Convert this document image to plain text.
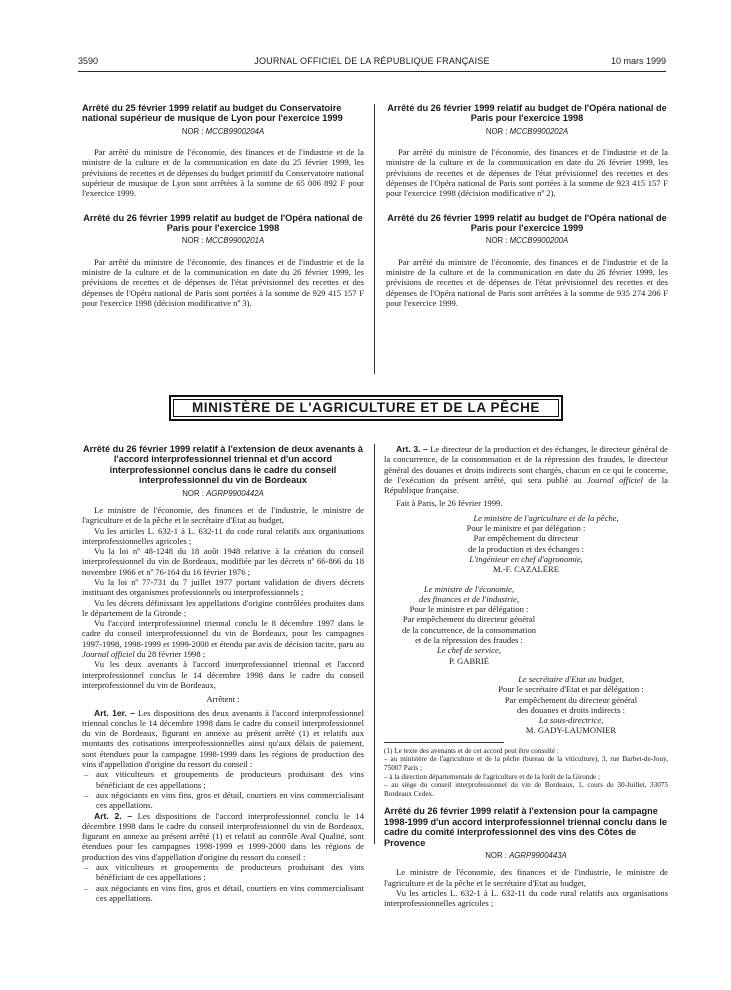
3590	JOURNAL OFFICIEL DE LA RÉPUBLIQUE FRANÇAISE	10 mars 1999
Arrêté du 25 février 1999 relatif au budget du Conservatoire national supérieur de musique de Lyon pour l'exercice 1999
NOR : MCCB9900204A

Par arrêté du ministre de l'économie, des finances et de l'industrie et de la ministre de la culture et de la communication en date du 25 février 1999, les prévisions de recettes et de dépenses du budget primitif du Conservatoire national supérieur de musique de Lyon sont arrêtées à la somme de 65 006 892 F pour l'exercice 1999.

Arrêté du 26 février 1999 relatif au budget de l'Opéra national de Paris pour l'exercice 1998
NOR : MCCB9900201A

Par arrêté du ministre de l'économie, des finances et de l'industrie et de la ministre de la culture et de la communication en date du 26 février 1999, les prévisions de recettes et de dépenses de l'état prévisionnel des recettes et des dépenses de l'Opéra national de Paris sont portées à la somme de 929 415 157 F pour l'exercice 1998 (décision modificative nº 3).

Arrêté du 26 février 1999 relatif au budget de l'Opéra national de Paris pour l'exercice 1998
NOR : MCCB9900202A

Par arrêté du ministre de l'économie, des finances et de l'industrie et de la ministre de la culture et de la communication en date du 26 février 1999, les prévisions de recettes et de dépenses de l'état prévisionnel des recettes et des dépenses de l'Opéra national de Paris sont portées à la somme de 923 415 157 F pour l'exercice 1998 (décision modificative nº 2).

Arrêté du 26 février 1999 relatif au budget de l'Opéra national de Paris pour l'exercice 1999
NOR : MCCB9900200A

Par arrêté du ministre de l'économie, des finances et de l'industrie et de la ministre de la culture et de la communication en date du 26 février 1999, les prévisions de recettes et de dépenses de l'état prévisionnel des recettes et des dépenses de l'Opéra national de Paris sont arrêtées à la somme de 935 274 206 F pour l'exercice 1999.

MINISTÈRE DE L'AGRICULTURE ET DE LA PÊCHE
Arrêté du 26 février 1999 relatif à l'extension de deux avenants à l'accord interprofessionnel triennal et d'un accord interprofessionnel conclus dans le cadre du conseil interprofessionnel du vin de Bordeaux
NOR : AGRP9900442A

Le ministre de l'économie, des finances et de l'industrie, le ministre de l'agriculture et de la pêche et le secrétaire d'Etat au budget,

Vu les articles L. 632-1 à L. 632-11 du code rural relatifs aux organisations interprofessionnelles agricoles ;

Vu la loi nº 48-1248 du 18 août 1948 relative à la création du conseil interprofessionnel du vin de Bordeaux, modifiée par les décrets nº 66-866 du 18 novembre 1966 et nº 76-164 du 16 février 1976 ;

Vu la loi nº 77-731 du 7 juillet 1977 portant validation de divers décrets instituant des organismes professionnels ou interprofessionnels ;

Vu les décrets définissant les appellations d'origine contrôlées produites dans le département de la Gironde ;

Vu l'accord interprofessionnel triennal conclu le 8 décembre 1997 dans le cadre du conseil interprofessionnel du vin de Bordeaux, pour les campagnes 1997-1998, 1998-1999 et 1999-2000 et étendu par avis de décision tacite, paru au Journal officiel du 28 février 1998 ;

Vu les deux avenants à l'accord interprofessionnel triennal et l'accord interprofessionnel conclus le 14 décembre 1998 dans le cadre du conseil interprofessionnel du vin de Bordeaux,

Arrêtent :

Art. 1er. – Les dispositions des deux avenants à l'accord interprofessionnel triennal conclus le 14 décembre 1998 dans le cadre du conseil interprofessionnel du vin de Bordeaux, figurant en annexe au présent arrêté (1) et relatifs aux montants des cotisations interprofessionnelles ainsi qu'aux délais de paiement, sont étendues pour la campagne 1998-1999 dans les régions de production des vins d'appellation d'origine du ressort du conseil :

– aux viticulteurs et groupements de producteurs produisant des vins bénéficiant de ces appellations ;
– aux négociants en vins fins, gros et détail, courtiers en vins commercialisant ces appellations.

Art. 2. – Les dispositions de l'accord interprofessionnel conclu le 14 décembre 1998 dans le cadre du conseil interprofessionnel du vin de Bordeaux, figurant en annexe au présent arrêté (1) et relatif au contrôle Aval Qualité, sont étendues pour les campagnes 1998-1999 et 1999-2000 dans les régions de production des vins d'appellation d'origine du ressort du conseil :

– aux viticulteurs et groupements de producteurs produisant des vins bénéficiant de ces appellations ;
– aux négociants en vins fins, gros et détail, courtiers en vins commercialisant ces appellations.

Art. 3. – Le directeur de la production et des échanges, le directeur général de la concurrence, de la consommation et de la répression des fraudes, le directeur général des douanes et droits indirects sont chargés, chacun en ce qui le concerne, de l'exécution du présent arrêté, qui sera publié au Journal officiel de la République française.

Fait à Paris, le 26 février 1999.

Le ministre de l'agriculture et de la pêche,

Pour le ministre et par délégation :

Par empêchement du directeur

de la production et des échanges :

L'ingénieur en chef d'agronomie,

M.-F. CAZALÉRE

Le ministre de l'économie,

des finances et de l'industrie,

Pour le ministre et par délégation :

Par empêchement du directeur général

de la concurrence, de la consommation

et de la répression des fraudes :

Le chef de service,

P. GABRIÉ

Le secrétaire d'Etat au budget,

Pour le secrétaire d'Etat et par délégation :

Par empêchement du directeur général

des douanes et droits indirects :

La sous-directrice,

M. GADY-LAUMONIER

(1) Le texte des avenants et de cet accord peut être consulté :
– au ministère de l'agriculture et de la pêche (bureau de la viticulture), 3, rue Barbet-de-Jouy, 75007 Paris ;
– à la direction départementale de l'agriculture et de la forêt de la Gironde ;
– au siège du conseil interprofessionnel du vin de Bordeaux, 1, cours du 30-Juillet, 33075 Bordeaux Cedex.
Arrêté du 26 février 1999 relatif à l'extension pour la campagne 1998-1999 d'un accord interprofessionnel triennal conclu dans le cadre du comité interprofessionnel des vins des Côtes de Provence
NOR : AGRP9900443A

Le ministre de l'économie, des finances et de l'industrie, le ministre de l'agriculture et de la pêche et le secrétaire d'Etat au budget,

Vu les articles L. 632-1 à L. 632-11 du code rural relatifs aux organisations interprofessionnelles agricoles ;
